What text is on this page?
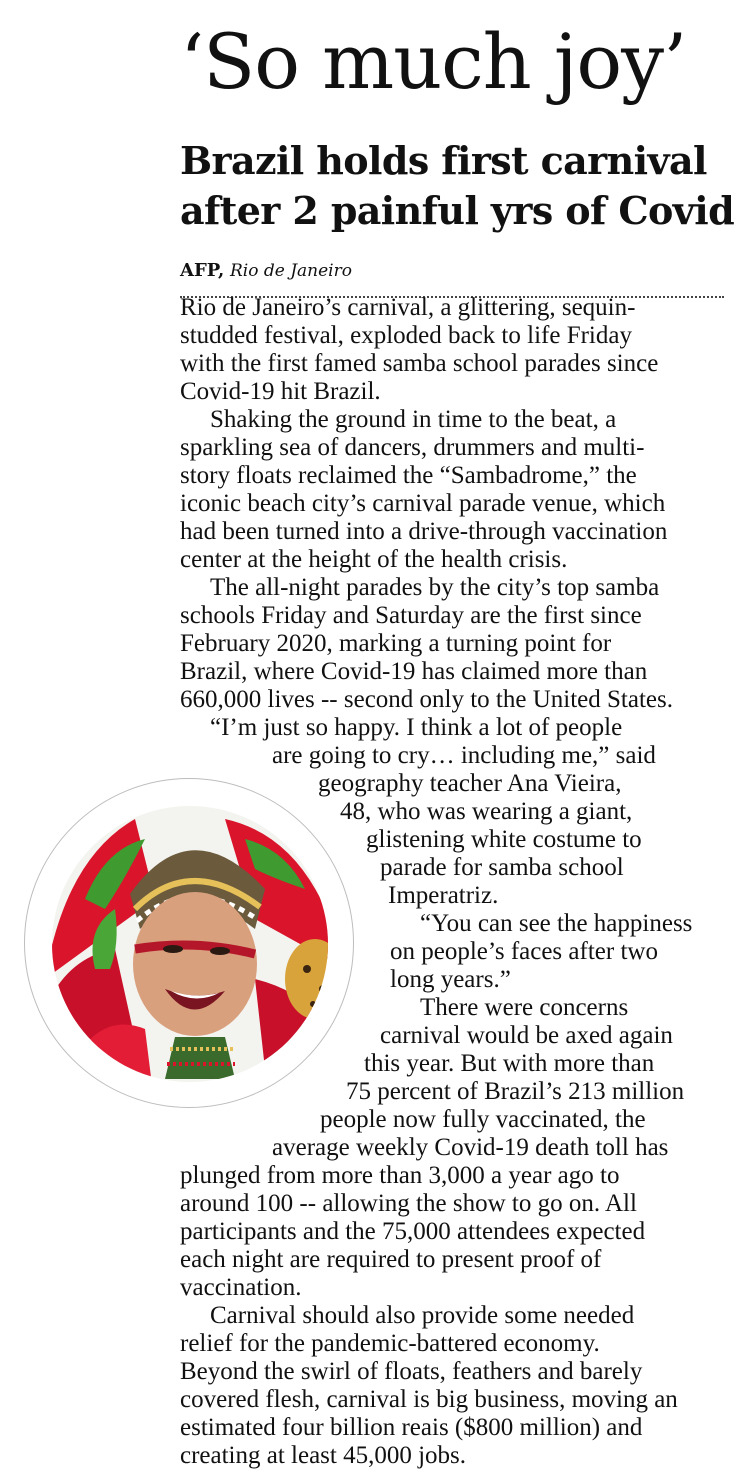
‘So much joy’
Brazil holds first carnival
after 2 painful yrs of Covid
AFP, Rio de Janeiro
Rio de Janeiro’s carnival, a glittering, sequin-
studded festival, exploded back to life Friday
with the first famed samba school parades since
Covid-19 hit Brazil.
Shaking the ground in time to the beat, a
sparkling sea of dancers, drummers and multi-
story floats reclaimed the “Sambadrome,” the
iconic beach city’s carnival parade venue, which
had been turned into a drive-through vaccination
center at the height of the health crisis.
The all-night parades by the city’s top samba
schools Friday and Saturday are the first since
February 2020, marking a turning point for
Brazil, where Covid-19 has claimed more than
660,000 lives -- second only to the United States.
“I’m just so happy. I think a lot of people
are going to cry… including me,” said
geography teacher Ana Vieira,
48, who was wearing a giant,
glistening white costume to
parade for samba school
Imperatriz.
“You can see the happiness
on people’s faces after two
long years.”
There were concerns
carnival would be axed again
this year. But with more than
75 percent of Brazil’s 213 million
people now fully vaccinated, the
average weekly Covid-19 death toll has
plunged from more than 3,000 a year ago to
around 100 -- allowing the show to go on. All
participants and the 75,000 attendees expected
each night are required to present proof of
vaccination.
Carnival should also provide some needed
relief for the pandemic-battered economy.
Beyond the swirl of floats, feathers and barely
covered flesh, carnival is big business, moving an
estimated four billion reais ($800 million) and
creating at least 45,000 jobs.
